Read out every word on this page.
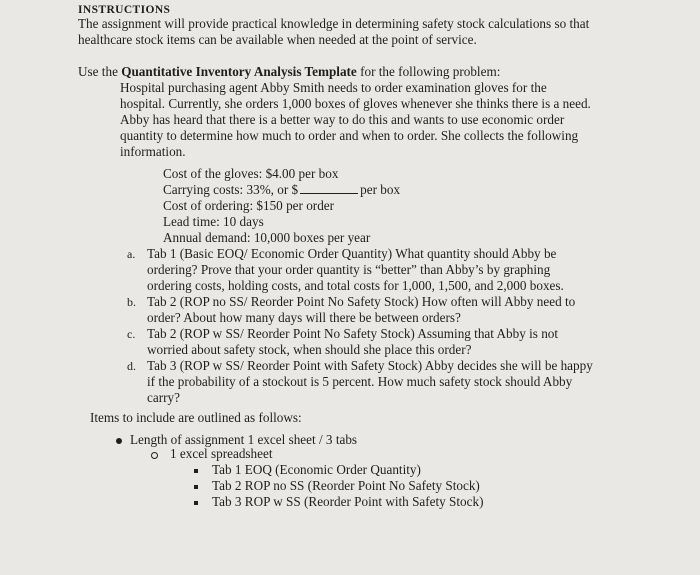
INSTRUCTIONS
The assignment will provide practical knowledge in determining safety stock calculations so that
healthcare stock items can be available when needed at the point of service.
Use the Quantitative Inventory Analysis Template for the following problem:
Hospital purchasing agent Abby Smith needs to order examination gloves for the
hospital. Currently, she orders 1,000 boxes of gloves whenever she thinks there is a need.
Abby has heard that there is a better way to do this and wants to use economic order
quantity to determine how much to order and when to order. She collects the following
information.
Cost of the gloves: $4.00 per box
Carrying costs: 33%, or $	per box
Cost of ordering: $150 per order
Lead time: 10 days
Annual demand: 10,000 boxes per year
a. Tab 1 (Basic EOQ/ Economic Order Quantity) What quantity should Abby be
ordering? Prove that your order quantity is “better” than Abby’s by graphing
ordering costs, holding costs, and total costs for 1,000, 1,500, and 2,000 boxes.
b. Tab 2 (ROP no SS/ Reorder Point No Safety Stock) How often will Abby need to
order? About how many days will there be between orders?
c. Tab 2 (ROP w SS/ Reorder Point No Safety Stock) Assuming that Abby is not
worried about safety stock, when should she place this order?
d. Tab 3 (ROP w SS/ Reorder Point with Safety Stock) Abby decides she will be happy
if the probability of a stockout is 5 percent. How much safety stock should Abby
carry?
Items to include are outlined as follows:
Length of assignment 1 excel sheet / 3 tabs
1 excel spreadsheet
Tab 1 EOQ (Economic Order Quantity)
Tab 2 ROP no SS (Reorder Point No Safety Stock)
Tab 3 ROP w SS (Reorder Point with Safety Stock)
